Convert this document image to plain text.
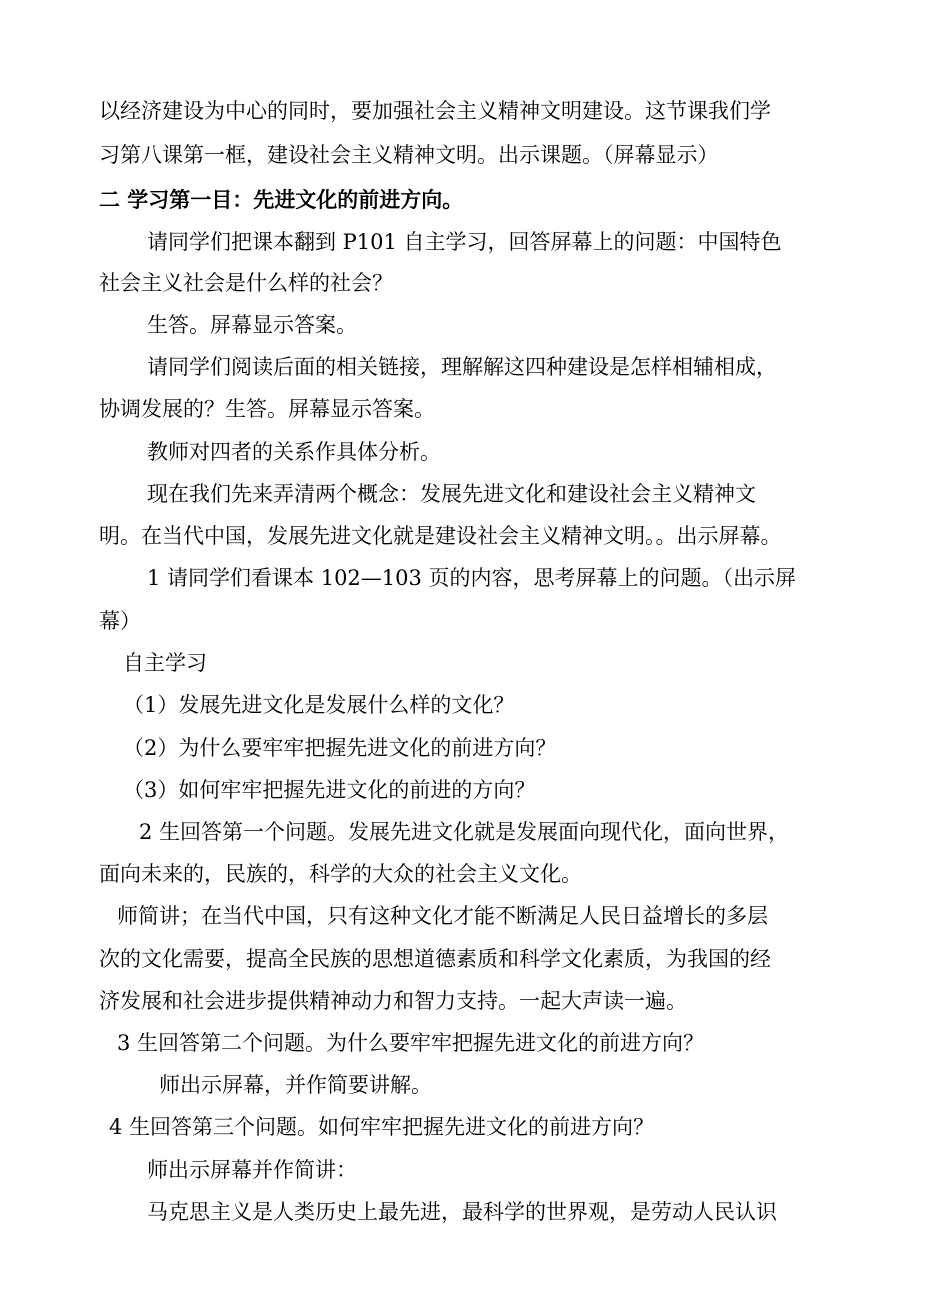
以经济建设为中心的同时，要加强社会主义精神文明建设。这节课我们学
习第八课第一框，建设社会主义精神文明。出示课题。（屏幕显示）
二 学习第一目：先进文化的前进方向。
请同学们把课本翻到 P101 自主学习，回答屏幕上的问题：中国特色
社会主义社会是什么样的社会？
生答。屏幕显示答案。
请同学们阅读后面的相关链接，理解解这四种建设是怎样相辅相成，
协调发展的？生答。屏幕显示答案。
教师对四者的关系作具体分析。
现在我们先来弄清两个概念：发展先进文化和建设社会主义精神文
明。在当代中国，发展先进文化就是建设社会主义精神文明。。出示屏幕。
1 请同学们看课本 102—103 页的内容，思考屏幕上的问题。（出示屏
幕）
自主学习
（1）发展先进文化是发展什么样的文化？
（2）为什么要牢牢把握先进文化的前进方向？
（3）如何牢牢把握先进文化的前进的方向？
2 生回答第一个问题。发展先进文化就是发展面向现代化，面向世界，
面向未来的，民族的，科学的大众的社会主义文化。
师简讲；在当代中国，只有这种文化才能不断满足人民日益增长的多层
次的文化需要，提高全民族的思想道德素质和科学文化素质，为我国的经
济发展和社会进步提供精神动力和智力支持。一起大声读一遍。
3 生回答第二个问题。为什么要牢牢把握先进文化的前进方向？
师出示屏幕，并作简要讲解。
4 生回答第三个问题。如何牢牢把握先进文化的前进方向？
师出示屏幕并作简讲：
马克思主义是人类历史上最先进，最科学的世界观，是劳动人民认识
